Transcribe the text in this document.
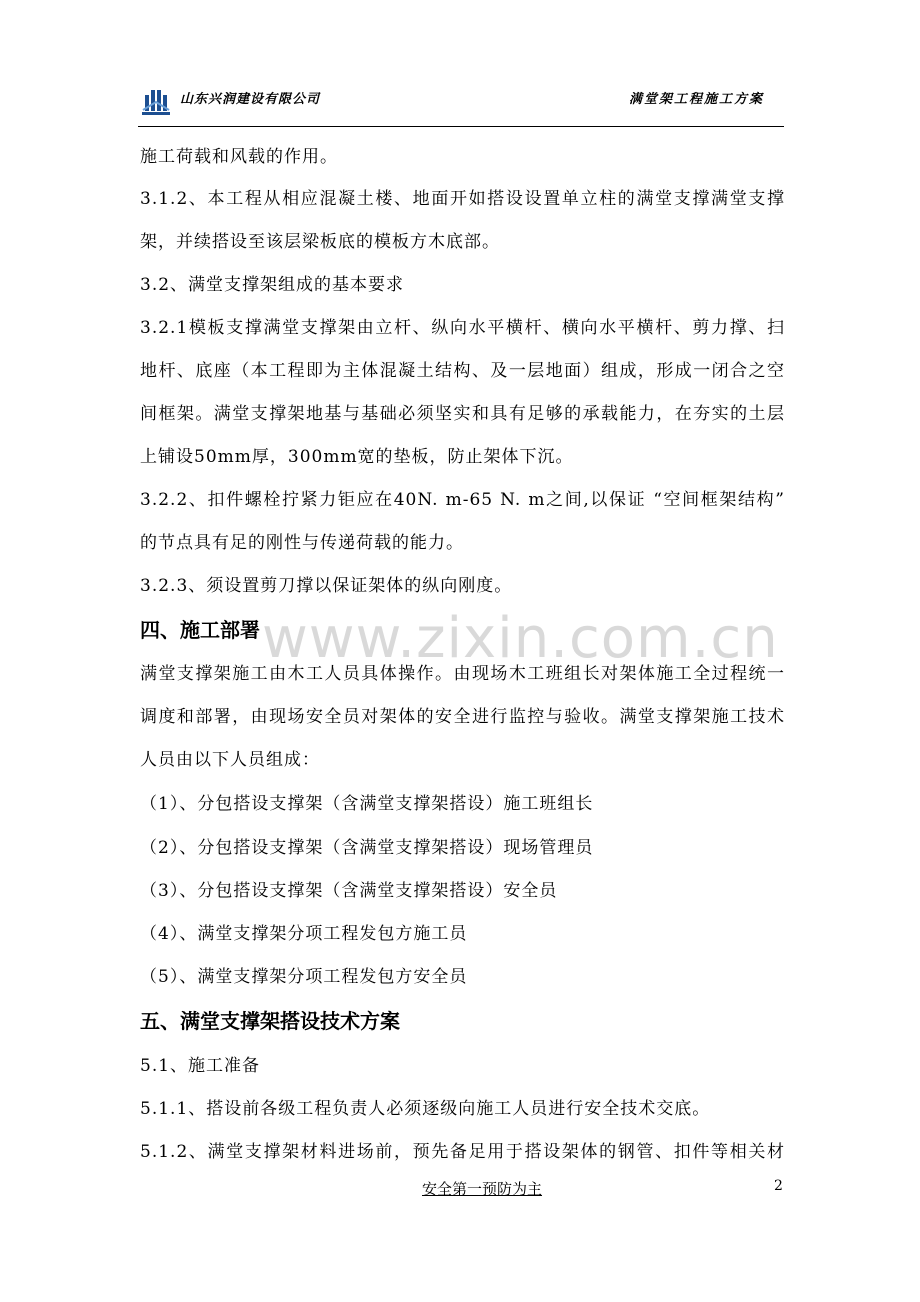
山东兴润建设有限公司	满堂架工程施工方案
www.zixin.com.cn
施工荷载和风载的作用。
3.1.2、本工程从相应混凝土楼、地面开如搭设设置单立柱的满堂支撑满堂支撑
架，并续搭设至该层梁板底的模板方木底部。
3.2、满堂支撑架组成的基本要求
3.2.1模板支撑满堂支撑架由立杆、纵向水平横杆、横向水平横杆、剪力撑、扫
地杆、底座（本工程即为主体混凝土结构、及一层地面）组成，形成一闭合之空
间框架。满堂支撑架地基与基础必须坚实和具有足够的承载能力，在夯实的土层
上铺设50mm厚，300mm宽的垫板，防止架体下沉。
3.2.2、扣件螺栓拧紧力钜应在40N. m-65 N. m之间,以保证 “空间框架结构”
的节点具有足的刚性与传递荷载的能力。
3.2.3、须设置剪刀撑以保证架体的纵向刚度。
四、施工部署
满堂支撑架施工由木工人员具体操作。由现场木工班组长对架体施工全过程统一
调度和部署，由现场安全员对架体的安全进行监控与验收。满堂支撑架施工技术
人员由以下人员组成：
（1）、分包搭设支撑架（含满堂支撑架搭设）施工班组长
（2）、分包搭设支撑架（含满堂支撑架搭设）现场管理员
（3）、分包搭设支撑架（含满堂支撑架搭设）安全员
（4）、满堂支撑架分项工程发包方施工员
（5）、满堂支撑架分项工程发包方安全员
五、满堂支撑架搭设技术方案
5.1、施工准备
5.1.1、搭设前各级工程负责人必须逐级向施工人员进行安全技术交底。
5.1.2、满堂支撑架材料进场前，预先备足用于搭设架体的钢管、扣件等相关材
安全第一预防为主	2
